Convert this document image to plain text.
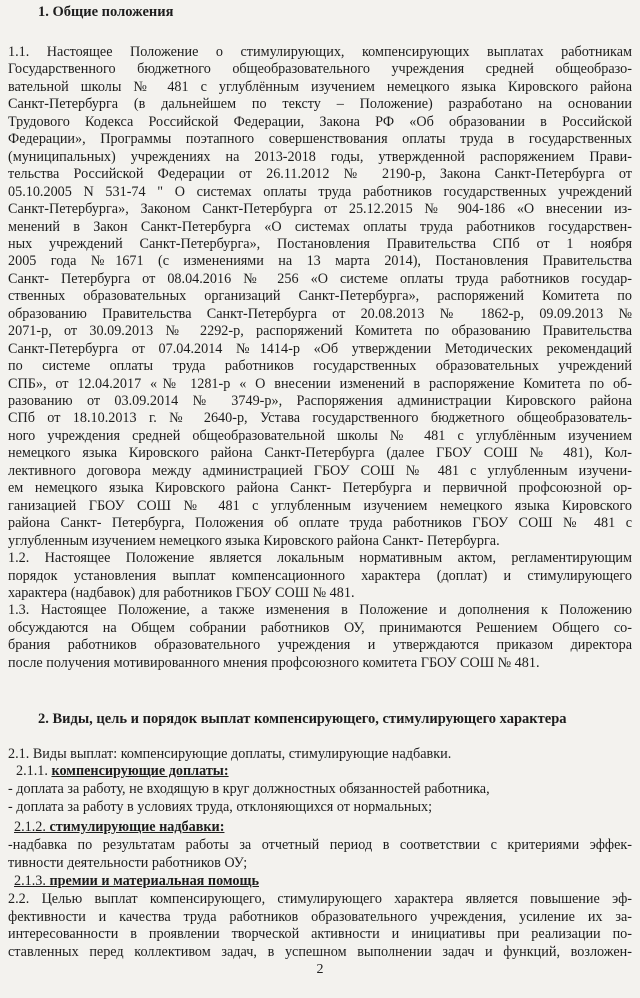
1. Общие положения
1.1. Настоящее Положение о стимулирующих, компенсирующих выплатах работникам
Государственного бюджетного общеобразовательного учреждения средней общеобразо-
вательной школы № 481 с углублённым изучением немецкого языка Кировского района
Санкт-Петербурга (в дальнейшем по тексту – Положение) разработано на основании
Трудового Кодекса Российской Федерации, Закона РФ «Об образовании в Российской
Федерации», Программы поэтапного совершенствования оплаты труда в государственных
(муниципальных) учреждениях на 2013-2018 годы, утвержденной распоряжением Прави-
тельства Российской Федерации от 26.11.2012 № 2190-р, Закона Санкт-Петербурга от
05.10.2005 N 531-74 " О системах оплаты труда работников государственных учреждений
Санкт-Петербурга», Законом Санкт-Петербурга от 25.12.2015 № 904-186 «О внесении из-
менений в Закон Санкт-Петербурга «О системах оплаты труда работников государствен-
ных учреждений Санкт-Петербурга», Постановления Правительства СПб от 1 ноября
2005 года №1671 (с изменениями на 13 марта 2014), Постановления Правительства
Санкт- Петербурга от 08.04.2016 № 256 «О системе оплаты труда работников государ-
ственных образовательных организаций Санкт-Петербурга», распоряжений Комитета по
образованию Правительства Санкт-Петербурга от 20.08.2013 № 1862-р, 09.09.2013 №
2071-р, от 30.09.2013 № 2292-р, распоряжений Комитета по образованию Правительства
Санкт-Петербурга от 07.04.2014 №1414-р «Об утверждении Методических рекомендаций
по системе оплаты труда работников государственных образовательных учреждений
СПБ», от 12.04.2017 «№ 1281-р « О внесении изменений в распоряжение Комитета по об-
разованию от 03.09.2014 № 3749-р», Распоряжения администрации Кировского района
СПб от 18.10.2013 г. № 2640-р, Устава государственного бюджетного общеобразователь-
ного учреждения средней общеобразовательной школы № 481 с углублённым изучением
немецкого языка Кировского района Санкт-Петербурга (далее ГБОУ СОШ № 481), Кол-
лективного договора между администрацией ГБОУ СОШ № 481 с углубленным изучени-
ем немецкого языка Кировского района Санкт- Петербурга и первичной профсоюзной ор-
ганизацией ГБОУ СОШ № 481 с углубленным изучением немецкого языка Кировского
района Санкт- Петербурга, Положения об оплате труда работников ГБОУ СОШ № 481 с
углубленным изучением немецкого языка Кировского района Санкт- Петербурга.
1.2. Настоящее Положение является локальным нормативным актом, регламентирующим
порядок установления выплат компенсационного характера (доплат) и стимулирующего
характера (надбавок) для работников ГБОУ СОШ № 481.
1.3. Настоящее Положение, а также изменения в Положение и дополнения к Положению
обсуждаются на Общем собрании работников ОУ, принимаются Решением Общего со-
брания работников образовательного учреждения и утверждаются приказом директора
после получения мотивированного мнения профсоюзного комитета ГБОУ СОШ № 481.
2. Виды, цель и порядок выплат компенсирующего, стимулирующего характера
2.1. Виды выплат: компенсирующие доплаты, стимулирующие надбавки.
2.1.1. компенсирующие доплаты:
- доплата за работу, не входящую в круг должностных обязанностей работника,
- доплата за работу в условиях труда, отклоняющихся от нормальных;
2.1.2. стимулирующие надбавки:
-надбавка по результатам работы за отчетный период в соответствии с критериями эффек-
тивности деятельности работников ОУ;
2.1.3. премии и материальная помощь
2.2. Целью выплат компенсирующего, стимулирующего характера является повышение эф-
фективности и качества труда работников образовательного учреждения, усиление их за-
интересованности в проявлении творческой активности и инициативы при реализации по-
ставленных перед коллективом задач, в успешном выполнении задач и функций, возложен-
2
